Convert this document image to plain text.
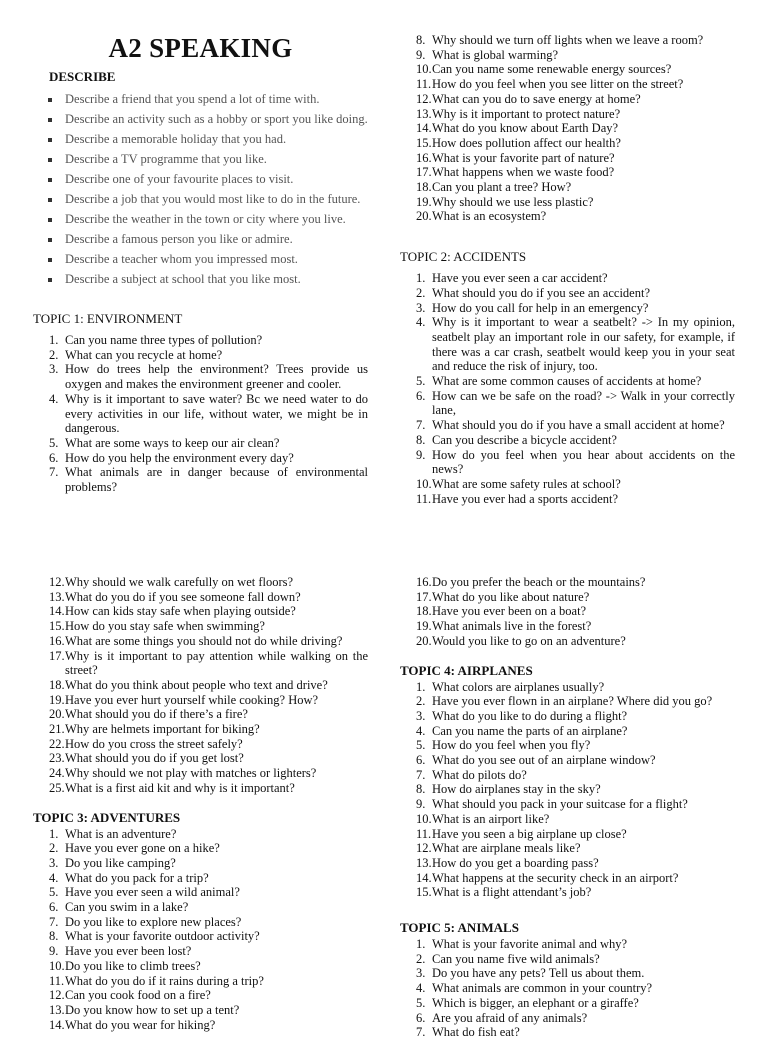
A2 SPEAKING
DESCRIBE
Describe a friend that you spend a lot of time with.
Describe an activity such as a hobby or sport you like doing.
Describe a memorable holiday that you had.
Describe a TV programme that you like.
Describe one of your favourite places to visit.
Describe a job that you would most like to do in the future.
Describe the weather in the town or city where you live.
Describe a famous person you like or admire.
Describe a teacher whom you impressed most.
Describe a subject at school that you like most.
TOPIC 1: ENVIRONMENT
1. Can you name three types of pollution?
2. What can you recycle at home?
3. How do trees help the environment? Trees provide us oxygen and makes the environment greener and cooler.
4. Why is it important to save water? Bc we need water to do every activities in our life, without water, we might be in dangerous.
5. What are some ways to keep our air clean?
6. How do you help the environment every day?
7. What animals are in danger because of environmental problems?
8. Why should we turn off lights when we leave a room?
9. What is global warming?
10. Can you name some renewable energy sources?
11. How do you feel when you see litter on the street?
12. What can you do to save energy at home?
13. Why is it important to protect nature?
14. What do you know about Earth Day?
15. How does pollution affect our health?
16. What is your favorite part of nature?
17. What happens when we waste food?
18. Can you plant a tree? How?
19. Why should we use less plastic?
20. What is an ecosystem?
TOPIC 2: ACCIDENTS
1. Have you ever seen a car accident?
2. What should you do if you see an accident?
3. How do you call for help in an emergency?
4. Why is it important to wear a seatbelt? -> In my opinion, seatbelt play an important role in our safety, for example, if there was a car crash, seatbelt would keep you in your seat and reduce the risk of injury, too.
5. What are some common causes of accidents at home?
6. How can we be safe on the road? -> Walk in your correctly lane,
7. What should you do if you have a small accident at home?
8. Can you describe a bicycle accident?
9. How do you feel when you hear about accidents on the news?
10. What are some safety rules at school?
11. Have you ever had a sports accident?
12. Why should we walk carefully on wet floors?
13. What do you do if you see someone fall down?
14. How can kids stay safe when playing outside?
15. How do you stay safe when swimming?
16. What are some things you should not do while driving?
17. Why is it important to pay attention while walking on the street?
18. What do you think about people who text and drive?
19. Have you ever hurt yourself while cooking? How?
20. What should you do if there’s a fire?
21. Why are helmets important for biking?
22. How do you cross the street safely?
23. What should you do if you get lost?
24. Why should we not play with matches or lighters?
25. What is a first aid kit and why is it important?
TOPIC 3: ADVENTURES
1. What is an adventure?
2. Have you ever gone on a hike?
3. Do you like camping?
4. What do you pack for a trip?
5. Have you ever seen a wild animal?
6. Can you swim in a lake?
7. Do you like to explore new places?
8. What is your favorite outdoor activity?
9. Have you ever been lost?
10. Do you like to climb trees?
11. What do you do if it rains during a trip?
12. Can you cook food on a fire?
13. Do you know how to set up a tent?
14. What do you wear for hiking?
16. Do you prefer the beach or the mountains?
17. What do you like about nature?
18. Have you ever been on a boat?
19. What animals live in the forest?
20. Would you like to go on an adventure?
TOPIC 4: AIRPLANES
1. What colors are airplanes usually?
2. Have you ever flown in an airplane? Where did you go?
3. What do you like to do during a flight?
4. Can you name the parts of an airplane?
5. How do you feel when you fly?
6. What do you see out of an airplane window?
7. What do pilots do?
8. How do airplanes stay in the sky?
9. What should you pack in your suitcase for a flight?
10. What is an airport like?
11. Have you seen a big airplane up close?
12. What are airplane meals like?
13. How do you get a boarding pass?
14. What happens at the security check in an airport?
15. What is a flight attendant’s job?
TOPIC 5: ANIMALS
1. What is your favorite animal and why?
2. Can you name five wild animals?
3. Do you have any pets? Tell us about them.
4. What animals are common in your country?
5. Which is bigger, an elephant or a giraffe?
6. Are you afraid of any animals?
7. What do fish eat?
